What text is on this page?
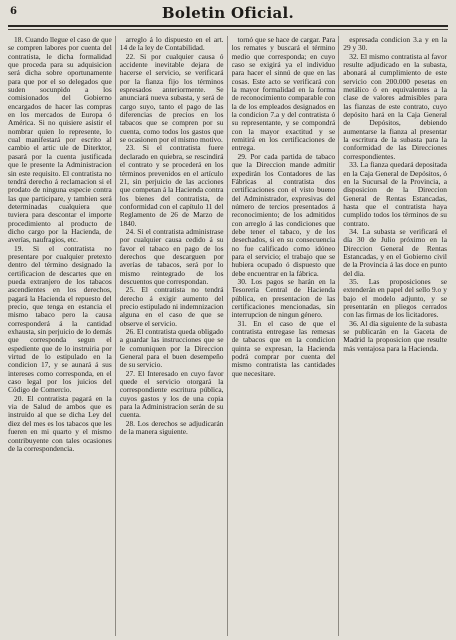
6	Boletin Oficial.

18. Cuando llegue el caso de que se compren labores por cuenta del contratista, le dicha formalidad que proceda para su adquisicion será dicha sobre oportunamente para que por el so delegados que suden socunpido a los comisionados del Gobierno encargados de hacer las compras en los mercados de Europa ó América. Si no quisiere asistir el nombrar quien lo represente, lo cual manifestará por escrito al cambio el artic ule de Diterktor, pasará por la cuenta justificada que le presente la Administracion sin este requisito. El contratista no tendrá derecho á reclamacion si el prodato de ninguna especie contra las que participare, y tambien será determinadas cualquiera que tuviera para descontar el importe procedimiento al producto de dicho cargo por la Hacienda, de averías, naufragios, etc.

19. Si el contratista no presentare por cualquier pretexto dentro del término designado la certificacion de descartes que en pueda extranjero de los tabacos ascendientes en los derechos, pagará la Hacienda el repuesto del precio, que tenga en estancia el mismo tabaco pero la causa corresponderá á la cantidad exhausta, sin perjuicio de lo demás que corresponda segun el espediente que de lo instruiria por virtud de lo estipulado en la condicion 17, y se aunará á sus intereses como corresponda, en el caso legal por los juicios del Código de Comercio.

20. El contratista pagará en la via de Salud de ambos que es instruido al que se dicha Ley del diez del mes es los tabacos que les fueren en mi quarto y el mismo contribuyente con tales ocasiones de la correspondencia.

arreglo á lo dispuesto en el art. 14 de la ley de Contabilidad.

22. Si por cualquier causa ó accidente inevitable dejara de hacerse el servicio, se verificará por la fianza fijo los términos espresados anteriormente. Se anunciará nueva subasta, y será de cargo suyo, tanto el pago de las diferencias de precios en los tabacos que se compren por su cuenta, como todos los gastos que se ocasionen por el mismo motivo.

23. Si el contratista fuere declarado en quiebra, se rescindirá el contrato y se procederá en los términos prevenidos en el artículo 21, sin perjuicio de las acciones que competan á la Hacienda contra los bienes del contratista, de conformidad con el capítulo 11 del Reglamento de 26 de Marzo de 1840.

24. Si el contratista administrase por cualquier causa cedido á su favor el tabaco en pago de los derechos que descarguen por averías de tabacos, será por lo mismo reintegrado de los descuentos que correspondan.

25. El contratista no tendrá derecho á exigir aumento del precio estipulado ni indemnizacion alguna en el caso de que se observe el servicio.

26. El contratista queda obligado a guardar las instrucciones que se le comuniquen por la Direccion General para el buen desempeño de su servicio.

27. El Interesado en cuyo favor quede el servicio otorgará la correspondiente escritura pública, cuyos gastos y los de una copia para la Administracion serán de su cuenta.

28. Los derechos se adjudicarán de la manera siguiente.

tornó que se hace de cargar. Para los remates y buscará el término medio que corresponda; en cuyo caso se exigirá ya el individuo para hacer el sinnú de que en las cosas. Este acto se verificará con la mayor formalidad en la forma de reconocimiento comparable con la de los empleados designados en la condicion 7.a y del contratista ó su representante, y se compondrá con la mayor exactitud y se remitirá en los certificaciones de entrega.

29. Por cada partida de tabaco que la Direccion mande admitir expedirán los Contadores de las Fábricas al contratista dos certificaciones con el visto bueno del Administrador, expresivas del número de tercios presentados á reconocimiento; de los admitidos con arreglo á las condiciones que debe tener el tabaco, y de los desechados, si en su consecuencia no fue calificado como idóneo para el servicio; el trabajo que se hubiera ocupado ó dispuesto que debe encuentrar en la fábrica.

30. Los pagos se harán en la Tesorería Central de Hacienda pública, en presentacion de las certificaciones mencionadas, sin interrupcion de ningun género.

31. En el caso de que el contratista entregase las remesas de tabacos que en la condicion quinta se expresan, la Hacienda podrá comprar por cuenta del mismo contratista las cantidades que necesitare.

espresada condicion 3.a y en la 29 y 30.

32. El mismo contratista al favor resulte adjudicado en la subasta, abonará al cumplimiento de este servicio con 200.000 pesetas en metálico ó en equivalentes a la clase de valores admisibles para las fianzas de este contrato, cuyo depósito hará en la Caja General de Depósitos, debiendo aumentarse la fianza al presentar la escritura de la subasta para la conformidad de las Direcciones correspondientes.

33. La fianza quedará depositada en la Caja General de Depósitos, ó en la Sucursal de la Provincia, a disposicion de la Direccion General de Rentas Estancadas, hasta que el contratista haya cumplido todos los términos de su contrato.

34. La subasta se verificará el día 30 de Julio próximo en la Direccion General de Rentas Estancadas, y en el Gobierno civil de la Provincia á las doce en punto del dia.

35. Las proposiciones se extenderán en papel del sello 9.o y bajo el modelo adjunto, y se presentarán en pliegos cerrados con las firmas de los licitadores.

36. Al día siguiente de la subasta se publicarán en la Gaceta de Madrid la proposicion que resulte más ventajosa para la Hacienda.
